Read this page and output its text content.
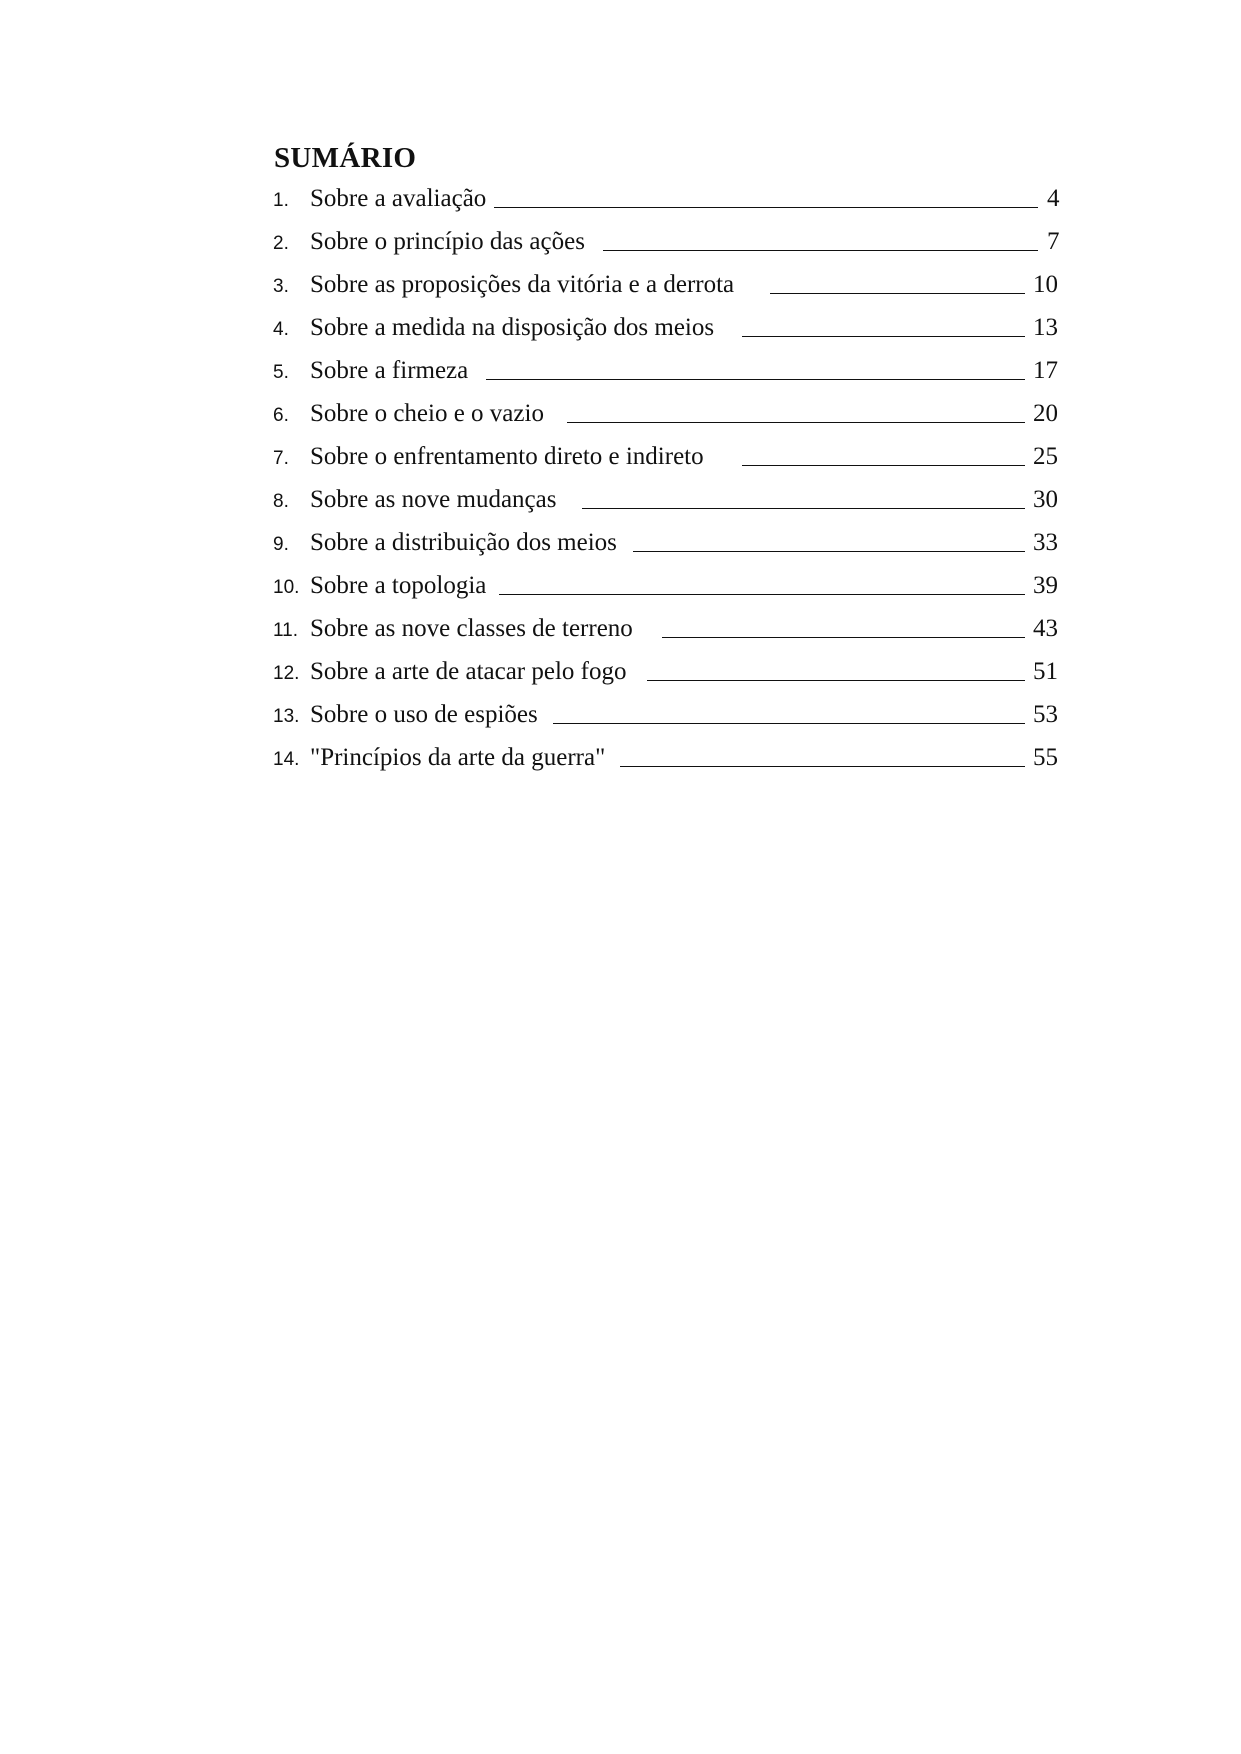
SUMÁRIO
1. Sobre a avaliação	4
2. Sobre o princípio das ações	7
3. Sobre as proposições da vitória e a derrota	10
4. Sobre a medida na disposição dos meios	13
5. Sobre a firmeza	17
6. Sobre o cheio e o vazio	20
7. Sobre o enfrentamento direto e indireto	25
8. Sobre as nove mudanças	30
9. Sobre a distribuição dos meios	33
10. Sobre a topologia	39
11. Sobre as nove classes de terreno	43
12. Sobre a arte de atacar pelo fogo	51
13. Sobre o uso de espiões	53
14. "Princípios da arte da guerra"	55
